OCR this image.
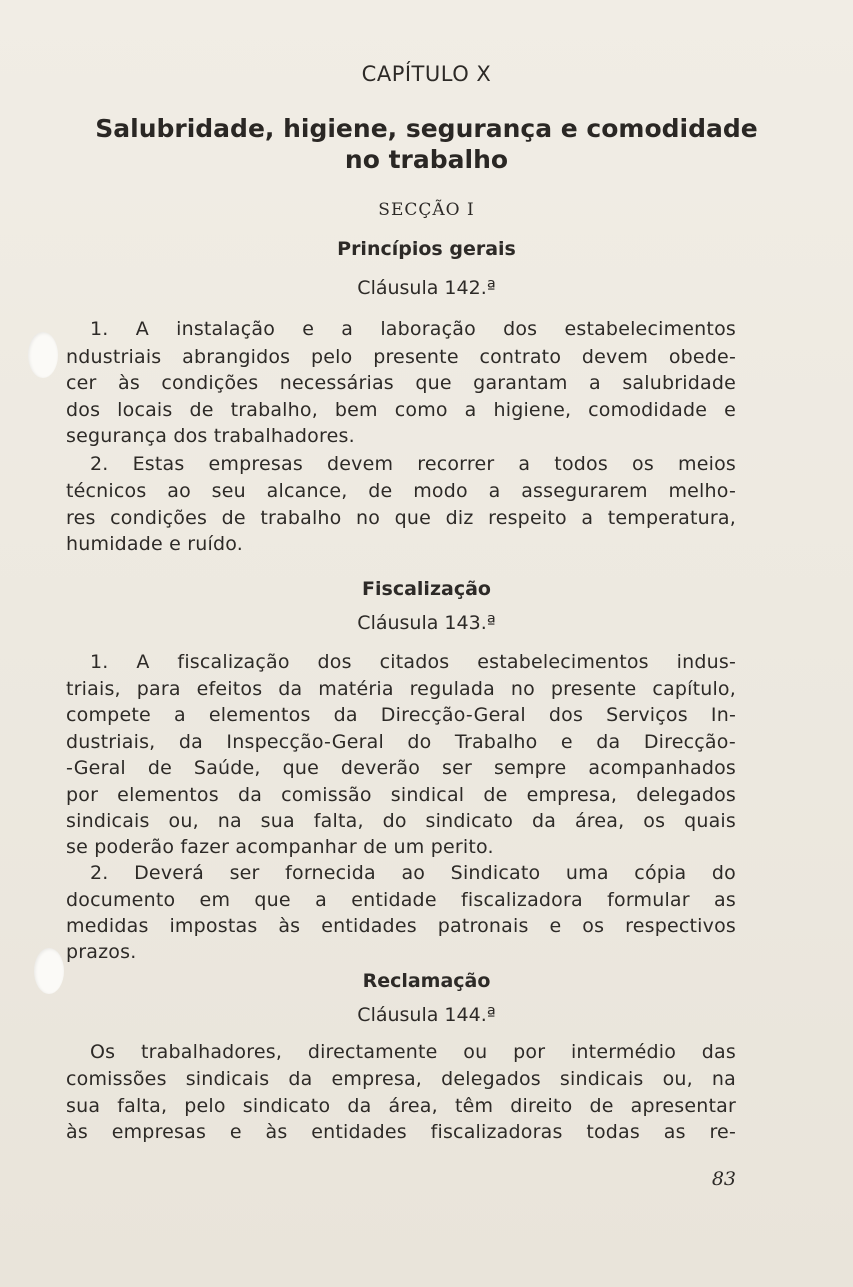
CAPÍTULO X
Salubridade, higiene, segurança e comodidade
no trabalho
SECÇÃO I
Princípios gerais
Cláusula 142.ª
1. A instalação e a laboração dos estabelecimentos
ndustriais abrangidos pelo presente contrato devem obede-
cer às condições necessárias que garantam a salubridade
dos locais de trabalho, bem como a higiene, comodidade e
segurança dos trabalhadores.
2. Estas empresas devem recorrer a todos os meios
técnicos ao seu alcance, de modo a assegurarem melho-
res condições de trabalho no que diz respeito a temperatura,
humidade e ruído.
Fiscalização
Cláusula 143.ª
1. A fiscalização dos citados estabelecimentos indus-
triais, para efeitos da matéria regulada no presente capítulo,
compete a elementos da Direcção-Geral dos Serviços In-
dustriais, da Inspecção-Geral do Trabalho e da Direcção-
-Geral de Saúde, que deverão ser sempre acompanhados
por elementos da comissão sindical de empresa, delegados
sindicais ou, na sua falta, do sindicato da área, os quais
se poderão fazer acompanhar de um perito.
2. Deverá ser fornecida ao Sindicato uma cópia do
documento em que a entidade fiscalizadora formular as
medidas impostas às entidades patronais e os respectivos
prazos.
Reclamação
Cláusula 144.ª
Os trabalhadores, directamente ou por intermédio das
comissões sindicais da empresa, delegados sindicais ou, na
sua falta, pelo sindicato da área, têm direito de apresentar
às empresas e às entidades fiscalizadoras todas as re-
83
